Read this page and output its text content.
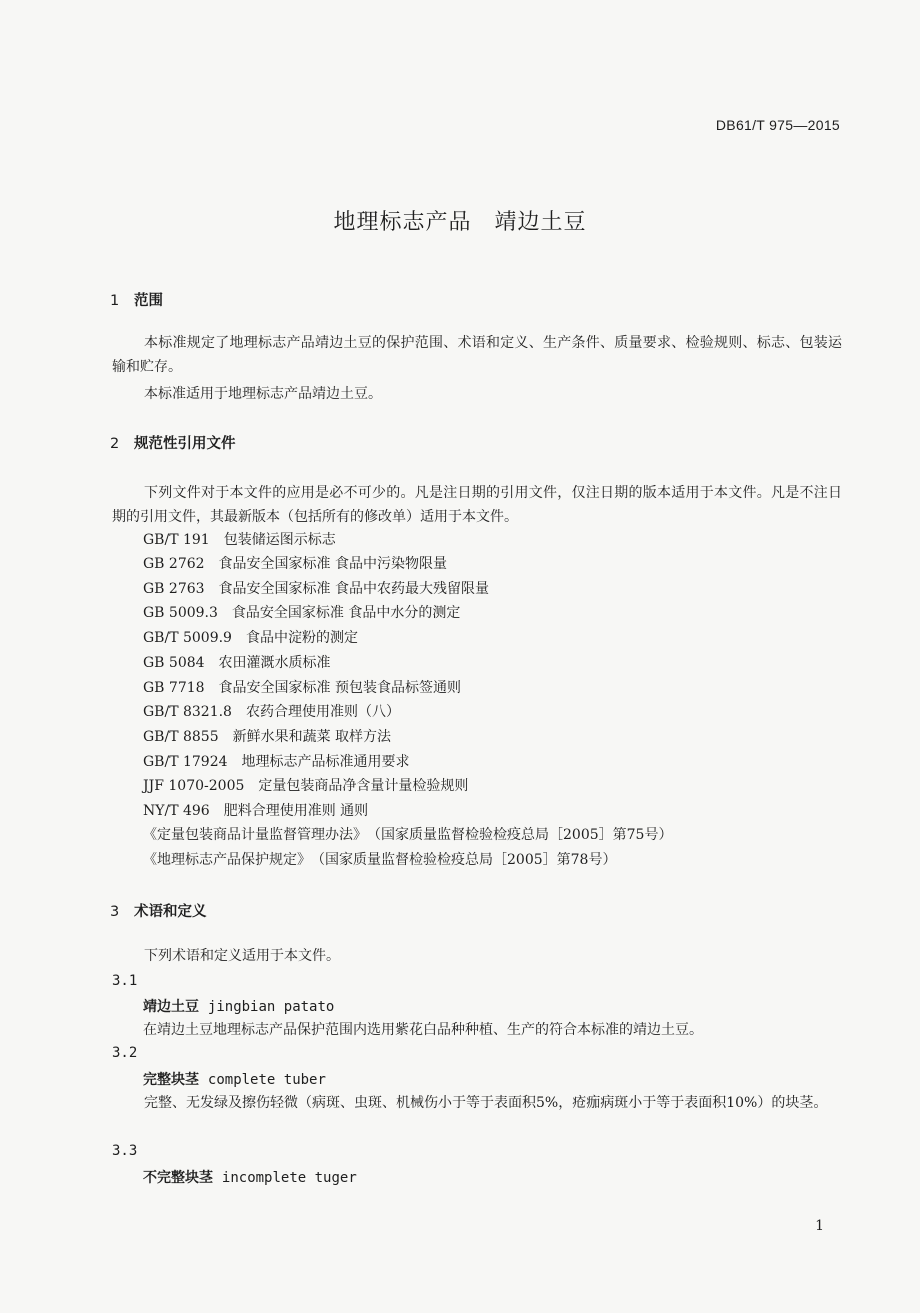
DB61/T 975—2015
地理标志产品　靖边土豆
1 范围
本标准规定了地理标志产品靖边土豆的保护范围、术语和定义、生产条件、质量要求、检验规则、标志、包装运输和贮存。
本标准适用于地理标志产品靖边土豆。
2 规范性引用文件
下列文件对于本文件的应用是必不可少的。凡是注日期的引用文件，仅注日期的版本适用于本文件。凡是不注日期的引用文件，其最新版本（包括所有的修改单）适用于本文件。
GB/T 191　包装储运图示标志
GB 2762　食品安全国家标准 食品中污染物限量
GB 2763　食品安全国家标准 食品中农药最大残留限量
GB 5009.3　食品安全国家标准 食品中水分的测定
GB/T 5009.9　食品中淀粉的测定
GB 5084　农田灌溉水质标准
GB 7718　食品安全国家标准 预包装食品标签通则
GB/T 8321.8　农药合理使用准则（八）
GB/T 8855　新鲜水果和蔬菜 取样方法
GB/T 17924　地理标志产品标准通用要求
JJF 1070-2005　定量包装商品净含量计量检验规则
NY/T 496　肥料合理使用准则 通则
《定量包装商品计量监督管理办法》　（国家质量监督检验检疫总局［2005］第75号）
《地理标志产品保护规定》　（国家质量监督检验检疫总局［2005］第78号）
3 术语和定义
下列术语和定义适用于本文件。
3.1
靖边土豆 jingbian patato
在靖边土豆地理标志产品保护范围内选用紫花白品种种植、生产的符合本标准的靖边土豆。
3.2
完整块茎 complete tuber
完整、无发绿及擦伤轻微（病斑、虫斑、机械伤小于等于表面积5%，疮痂病斑小于等于表面积10%）的块茎。
3.3
不完整块茎 incomplete tuger
1
